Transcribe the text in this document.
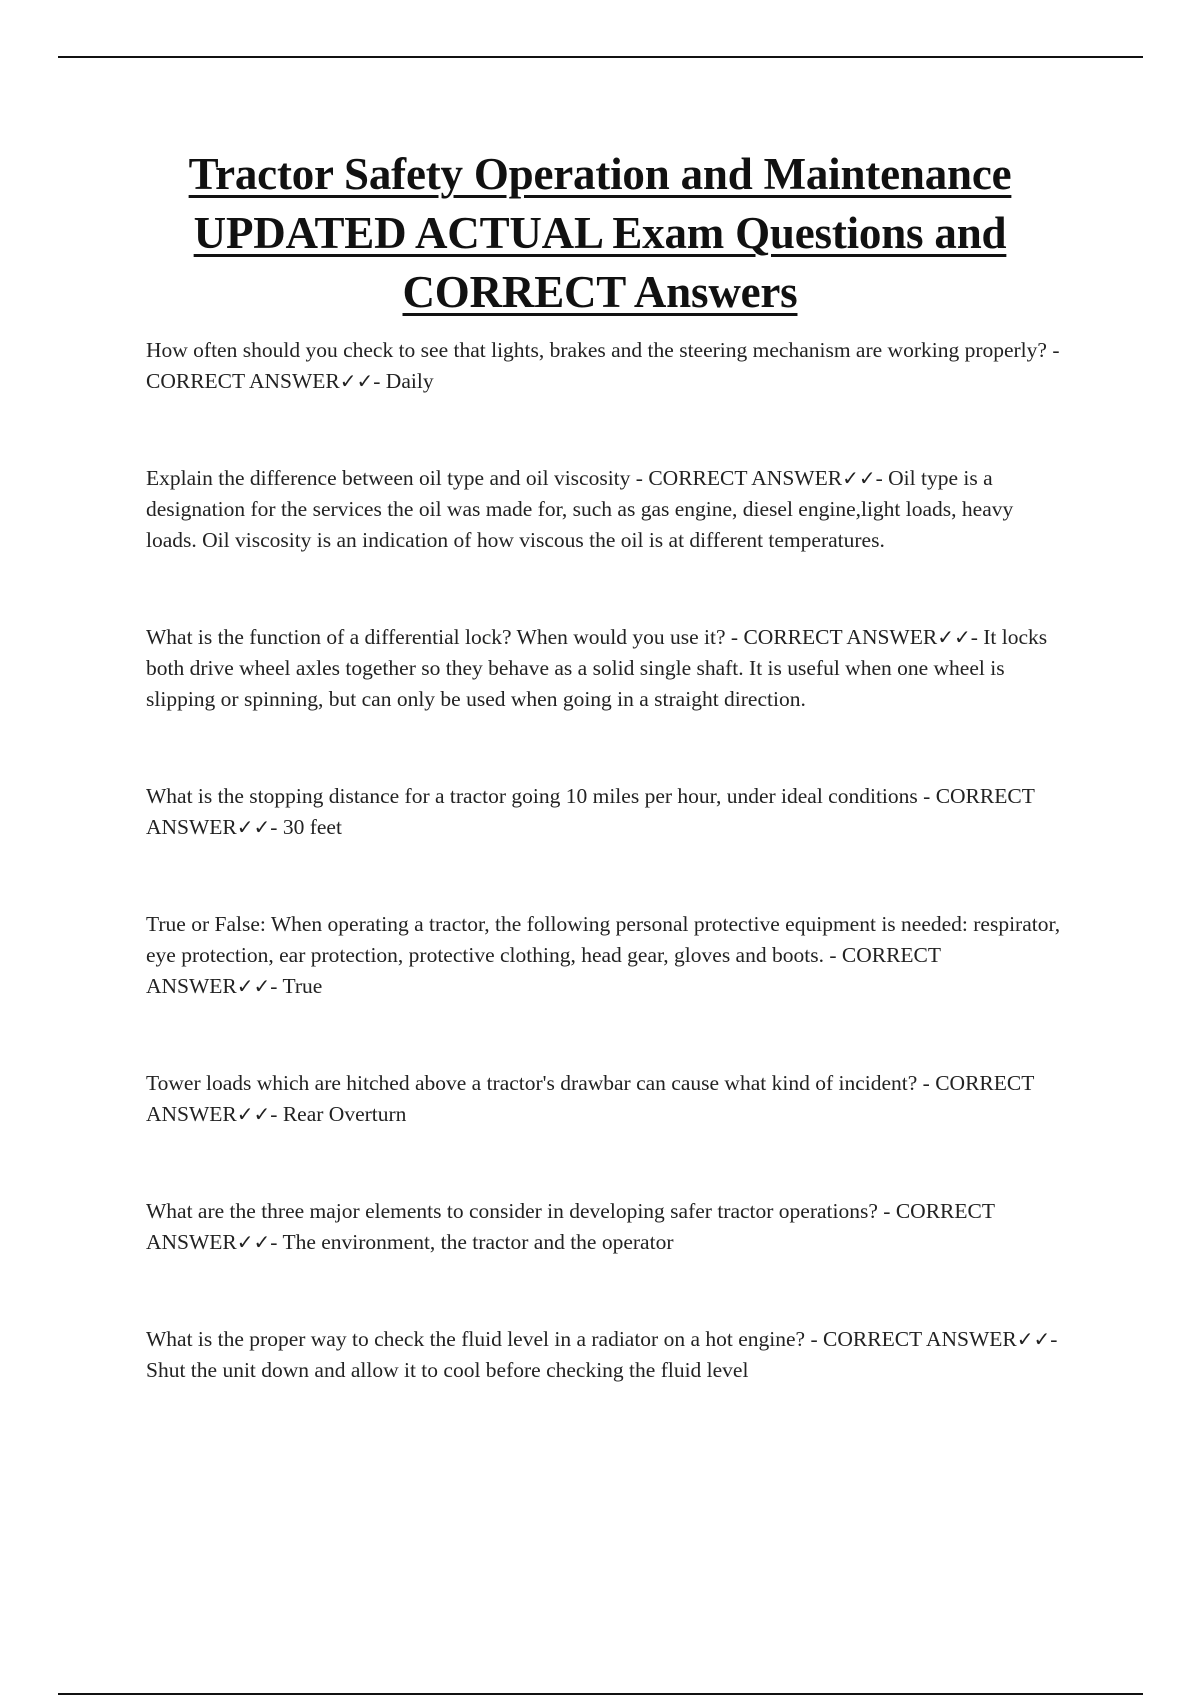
Tractor Safety Operation and Maintenance
UPDATED ACTUAL Exam Questions and
CORRECT Answers

How often should you check to see that lights, brakes and the steering mechanism are working properly? - CORRECT ANSWER✓✓- Daily

Explain the difference between oil type and oil viscosity - CORRECT ANSWER✓✓- Oil type is a designation for the services the oil was made for, such as gas engine, diesel engine,light loads, heavy loads. Oil viscosity is an indication of how viscous the oil is at different temperatures.

What is the function of a differential lock? When would you use it? - CORRECT ANSWER✓✓- It locks both drive wheel axles together so they behave as a solid single shaft. It is useful when one wheel is slipping or spinning, but can only be used when going in a straight direction.

What is the stopping distance for a tractor going 10 miles per hour, under ideal conditions - CORRECT ANSWER✓✓- 30 feet

True or False: When operating a tractor, the following personal protective equipment is needed: respirator, eye protection, ear protection, protective clothing, head gear, gloves and boots. - CORRECT ANSWER✓✓- True

Tower loads which are hitched above a tractor's drawbar can cause what kind of incident? - CORRECT ANSWER✓✓- Rear Overturn

What are the three major elements to consider in developing safer tractor operations? - CORRECT ANSWER✓✓- The environment, the tractor and the operator

What is the proper way to check the fluid level in a radiator on a hot engine? - CORRECT ANSWER✓✓- Shut the unit down and allow it to cool before checking the fluid level
